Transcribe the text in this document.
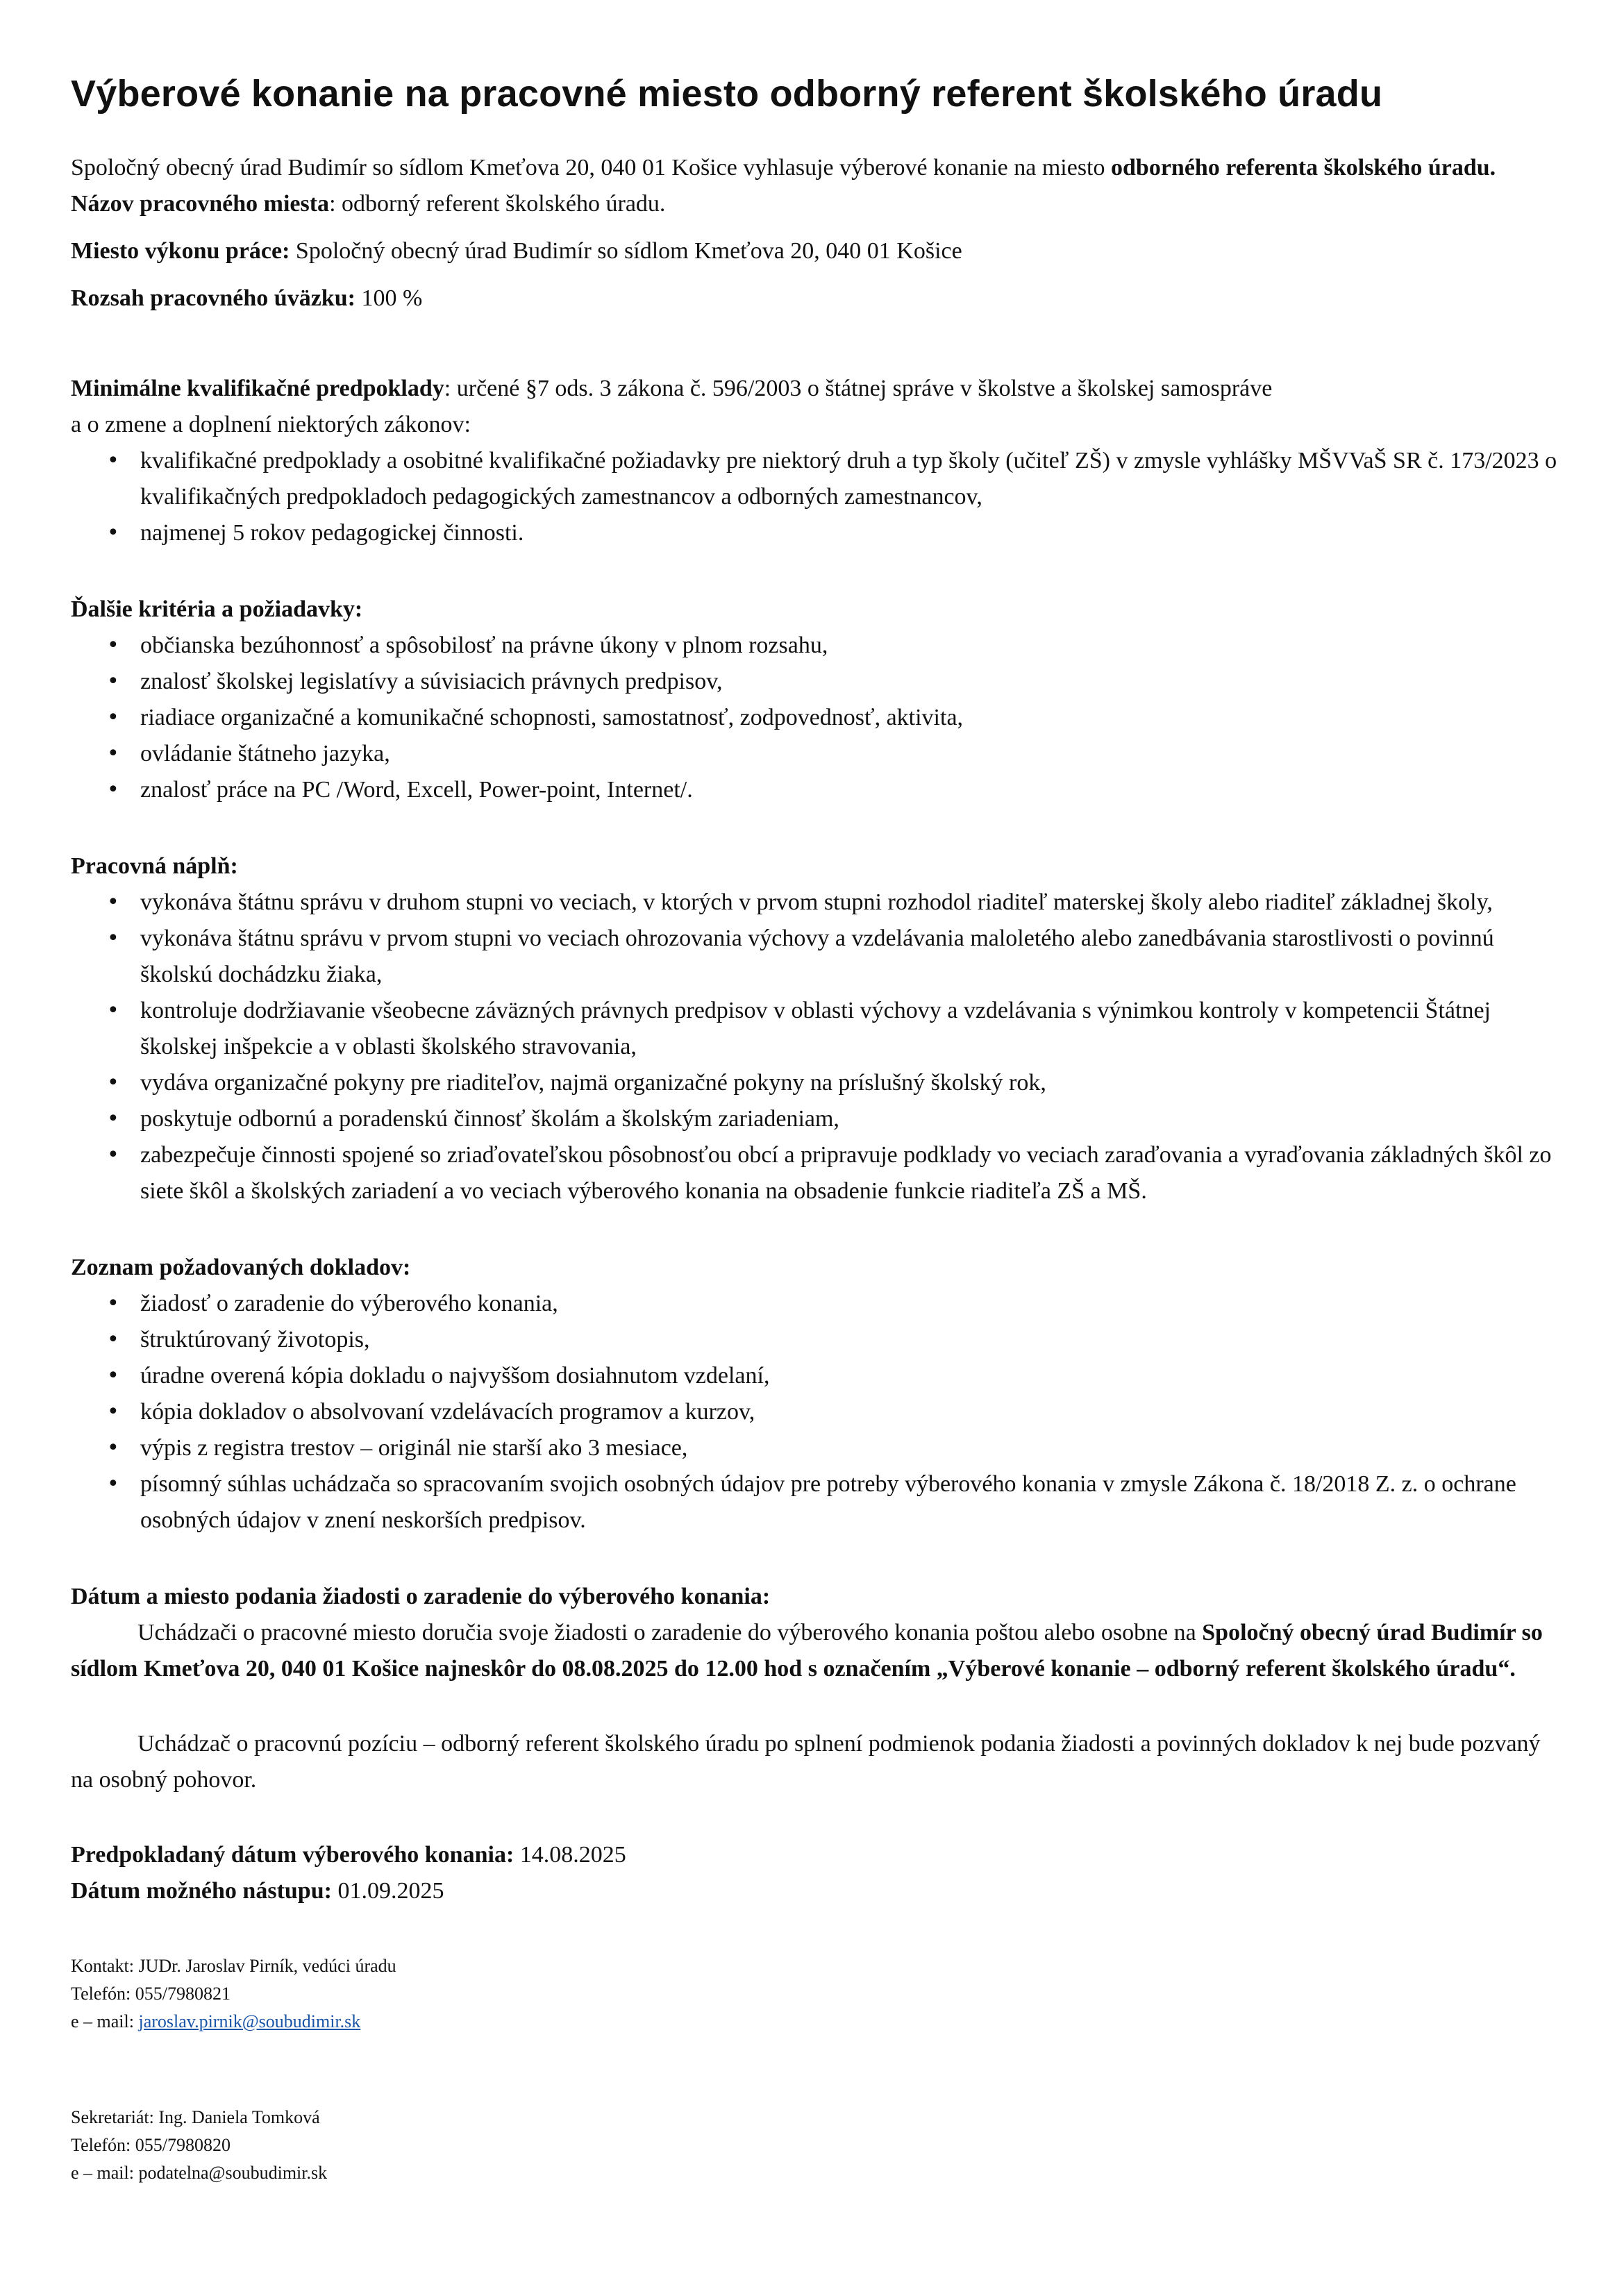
Výberové konanie na pracovné miesto odborný referent školského úradu

Spoločný obecný úrad Budimír so sídlom Kmeťova 20, 040 01 Košice vyhlasuje výberové konanie na miesto odborného referenta školského úradu.

Názov pracovného miesta: odborný referent školského úradu.

Miesto výkonu práce: Spoločný obecný úrad Budimír so sídlom Kmeťova 20, 040 01 Košice

Rozsah pracovného úväzku: 100 %

Minimálne kvalifikačné predpoklady: určené §7 ods. 3 zákona č. 596/2003 o štátnej správe v školstve a školskej samospráve

a o zmene a doplnení niektorých zákonov:

• kvalifikačné predpoklady a osobitné kvalifikačné požiadavky pre niektorý druh a typ školy (učiteľ ZŠ) v zmysle vyhlášky MŠVVaŠ SR č. 173/2023 o kvalifikačných predpokladoch pedagogických zamestnancov a odborných zamestnancov,
• najmenej 5 rokov pedagogickej činnosti.

Ďalšie kritéria a požiadavky:

• občianska bezúhonnosť a spôsobilosť na právne úkony v plnom rozsahu,
• znalosť školskej legislatívy a súvisiacich právnych predpisov,
• riadiace organizačné a komunikačné schopnosti, samostatnosť, zodpovednosť, aktivita,
• ovládanie štátneho jazyka,
• znalosť práce na PC /Word, Excell, Power-point, Internet/.

Pracovná náplň:

• vykonáva štátnu správu v druhom stupni vo veciach, v ktorých v prvom stupni rozhodol riaditeľ materskej školy alebo riaditeľ základnej školy,
• vykonáva štátnu správu v prvom stupni vo veciach ohrozovania výchovy a vzdelávania maloletého alebo zanedbávania starostlivosti o povinnú školskú dochádzku žiaka,
• kontroluje dodržiavanie všeobecne záväzných právnych predpisov v oblasti výchovy a vzdelávania s výnimkou kontroly v kompetencii Štátnej školskej inšpekcie a v oblasti školského stravovania,
• vydáva organizačné pokyny pre riaditeľov, najmä organizačné pokyny na príslušný školský rok,
• poskytuje odbornú a poradenskú činnosť školám a školským zariadeniam,
• zabezpečuje činnosti spojené so zriaďovateľskou pôsobnosťou obcí a pripravuje podklady vo veciach zaraďovania a vyraďovania základných škôl zo siete škôl a školských zariadení a vo veciach výberového konania na obsadenie funkcie riaditeľa ZŠ a MŠ.

Zoznam požadovaných dokladov:

• žiadosť o zaradenie do výberového konania,
• štruktúrovaný životopis,
• úradne overená kópia dokladu o najvyššom dosiahnutom vzdelaní,
• kópia dokladov o absolvovaní vzdelávacích programov a kurzov,
• výpis z registra trestov – originál nie starší ako 3 mesiace,
• písomný súhlas uchádzača so spracovaním svojich osobných údajov pre potreby výberového konania v zmysle Zákona č. 18/2018 Z. z. o ochrane osobných údajov v znení neskorších predpisov.

Dátum a miesto podania žiadosti o zaradenie do výberového konania:

Uchádzači o pracovné miesto doručia svoje žiadosti o zaradenie do výberového konania poštou alebo osobne na Spoločný obecný úrad Budimír so sídlom Kmeťova 20, 040 01 Košice najneskôr do 08.08.2025 do 12.00 hod s označením „Výberové konanie – odborný referent školského úradu“.

Uchádzač o pracovnú pozíciu – odborný referent školského úradu po splnení podmienok podania žiadosti a povinných dokladov k nej bude pozvaný na osobný pohovor.

Predpokladaný dátum výberového konania: 14.08.2025

Dátum možného nástupu: 01.09.2025

Kontakt: JUDr. Jaroslav Pirník, vedúci úradu

Telefón: 055/7980821

e – mail: jaroslav.pirnik@soubudimir.sk

Sekretariát: Ing. Daniela Tomková

Telefón: 055/7980820

e – mail: podatelna@soubudimir.sk
